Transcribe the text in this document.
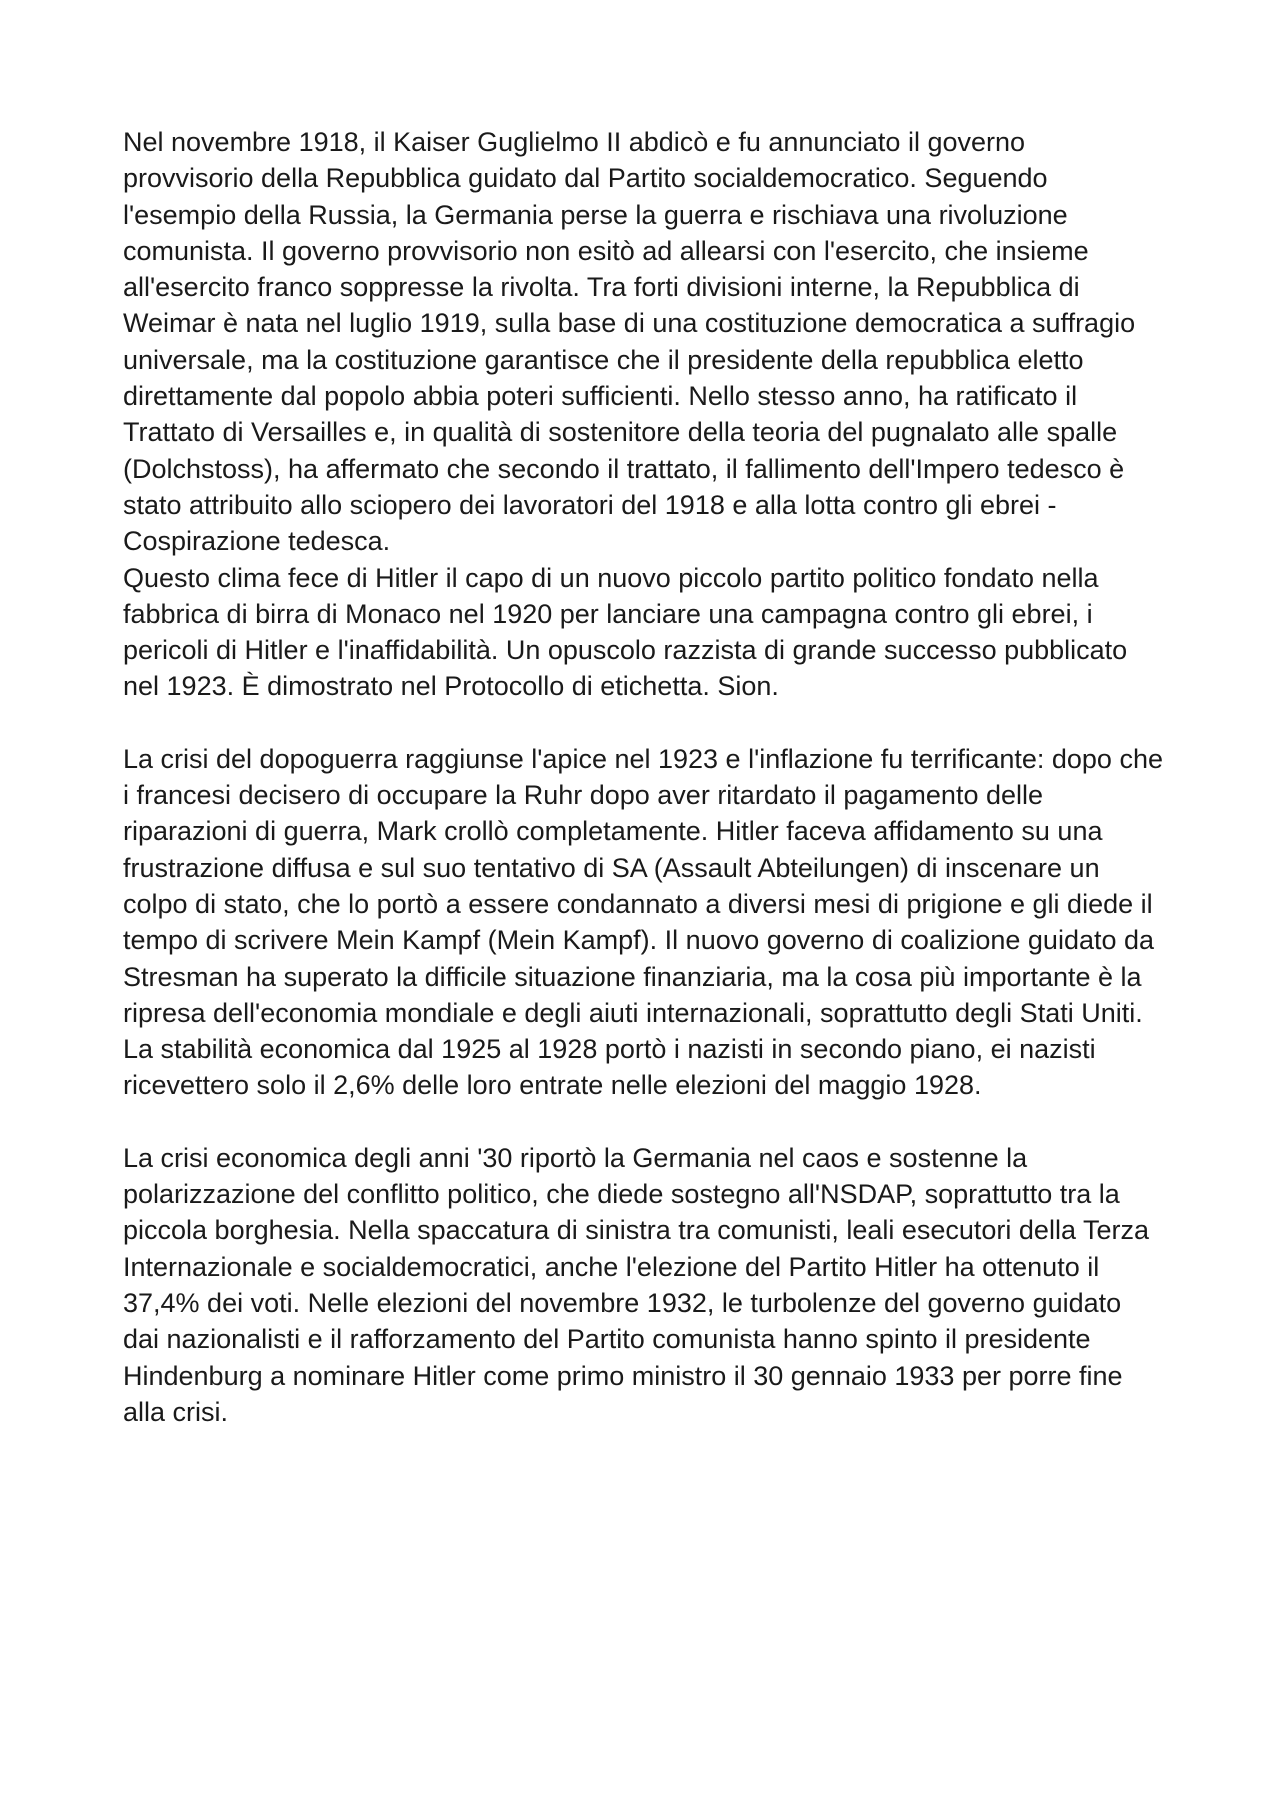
Nel novembre 1918, il Kaiser Guglielmo II abdicò e fu annunciato il governo provvisorio della Repubblica guidato dal Partito socialdemocratico. Seguendo l'esempio della Russia, la Germania perse la guerra e rischiava una rivoluzione comunista. Il governo provvisorio non esitò ad allearsi con l'esercito, che insieme all'esercito franco soppresse la rivolta. Tra forti divisioni interne, la Repubblica di Weimar è nata nel luglio 1919, sulla base di una costituzione democratica a suffragio universale, ma la costituzione garantisce che il presidente della repubblica eletto direttamente dal popolo abbia poteri sufficienti. Nello stesso anno, ha ratificato il Trattato di Versailles e, in qualità di sostenitore della teoria del pugnalato alle spalle (Dolchstoss), ha affermato che secondo il trattato, il fallimento dell'Impero tedesco è stato attribuito allo sciopero dei lavoratori del 1918 e alla lotta contro gli ebrei - Cospirazione tedesca.

Questo clima fece di Hitler il capo di un nuovo piccolo partito politico fondato nella fabbrica di birra di Monaco nel 1920 per lanciare una campagna contro gli ebrei, i pericoli di Hitler e l'inaffidabilità. Un opuscolo razzista di grande successo pubblicato nel 1923. È dimostrato nel Protocollo di etichetta. Sion.

La crisi del dopoguerra raggiunse l'apice nel 1923 e l'inflazione fu terrificante: dopo che i francesi decisero di occupare la Ruhr dopo aver ritardato il pagamento delle riparazioni di guerra, Mark crollò completamente. Hitler faceva affidamento su una frustrazione diffusa e sul suo tentativo di SA (Assault Abteilungen) di inscenare un colpo di stato, che lo portò a essere condannato a diversi mesi di prigione e gli diede il tempo di scrivere Mein Kampf (Mein Kampf). Il nuovo governo di coalizione guidato da Stresman ha superato la difficile situazione finanziaria, ma la cosa più importante è la ripresa dell'economia mondiale e degli aiuti internazionali, soprattutto degli Stati Uniti.

La stabilità economica dal 1925 al 1928 portò i nazisti in secondo piano, ei nazisti ricevettero solo il 2,6% delle loro entrate nelle elezioni del maggio 1928.

La crisi economica degli anni '30 riportò la Germania nel caos e sostenne la polarizzazione del conflitto politico, che diede sostegno all'NSDAP, soprattutto tra la piccola borghesia. Nella spaccatura di sinistra tra comunisti, leali esecutori della Terza Internazionale e socialdemocratici, anche l'elezione del Partito Hitler ha ottenuto il 37,4% dei voti. Nelle elezioni del novembre 1932, le turbolenze del governo guidato dai nazionalisti e il rafforzamento del Partito comunista hanno spinto il presidente Hindenburg a nominare Hitler come primo ministro il 30 gennaio 1933 per porre fine alla crisi.
